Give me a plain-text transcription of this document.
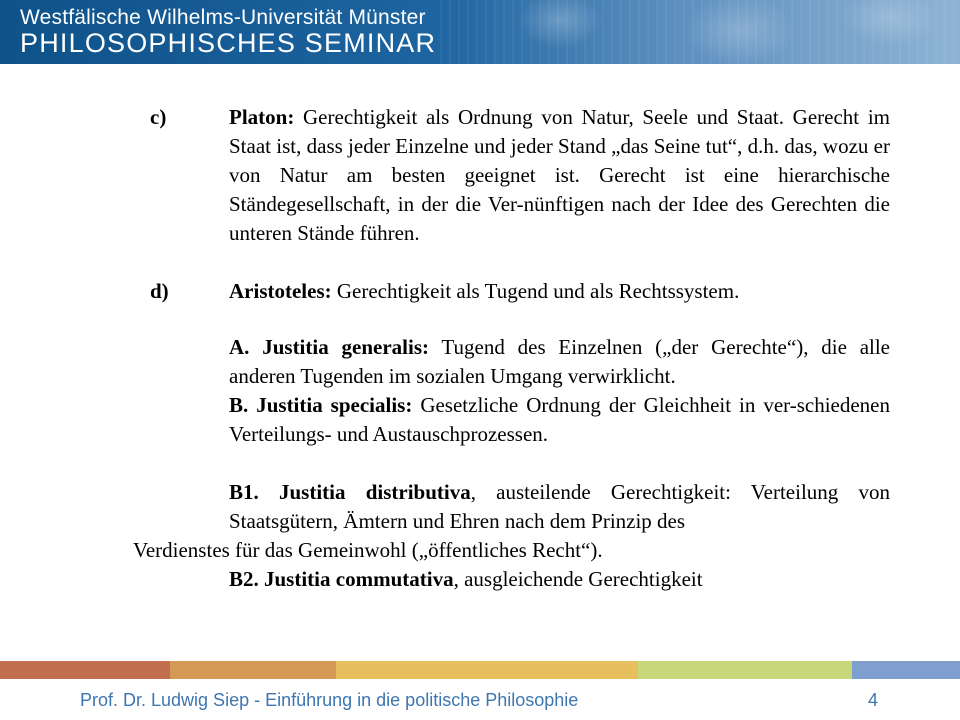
Westfälische Wilhelms-Universität Münster
PHILOSOPHISCHES SEMINAR
c)	Platon: Gerechtigkeit als Ordnung von Natur, Seele und Staat. Gerecht im Staat ist, dass jeder Einzelne und jeder Stand „das Seine tut“, d.h. das, wozu er von Natur am besten geeignet ist. Gerecht ist eine hierarchische Ständegesellschaft, in der die Ver-nünftigen nach der Idee des Gerechten die unteren Stände führen.
d)	Aristoteles: Gerechtigkeit als Tugend und als Rechtssystem.
A. Justitia generalis: Tugend des Einzelnen („der Gerechte“), die alle anderen Tugenden im sozialen Umgang verwirklicht.
B. Justitia specialis: Gesetzliche Ordnung der Gleichheit in ver-schiedenen Verteilungs- und Austauschprozessen.
B1. Justitia distributiva, austeilende Gerechtigkeit: Verteilung von Staatsgütern, Ämtern und Ehren nach dem Prinzip des
Verdienstes für das Gemeinwohl („öffentliches Recht“).
B2. Justitia commutativa, ausgleichende Gerechtigkeit
Prof. Dr. Ludwig Siep - Einführung in die politische Philosophie	4
